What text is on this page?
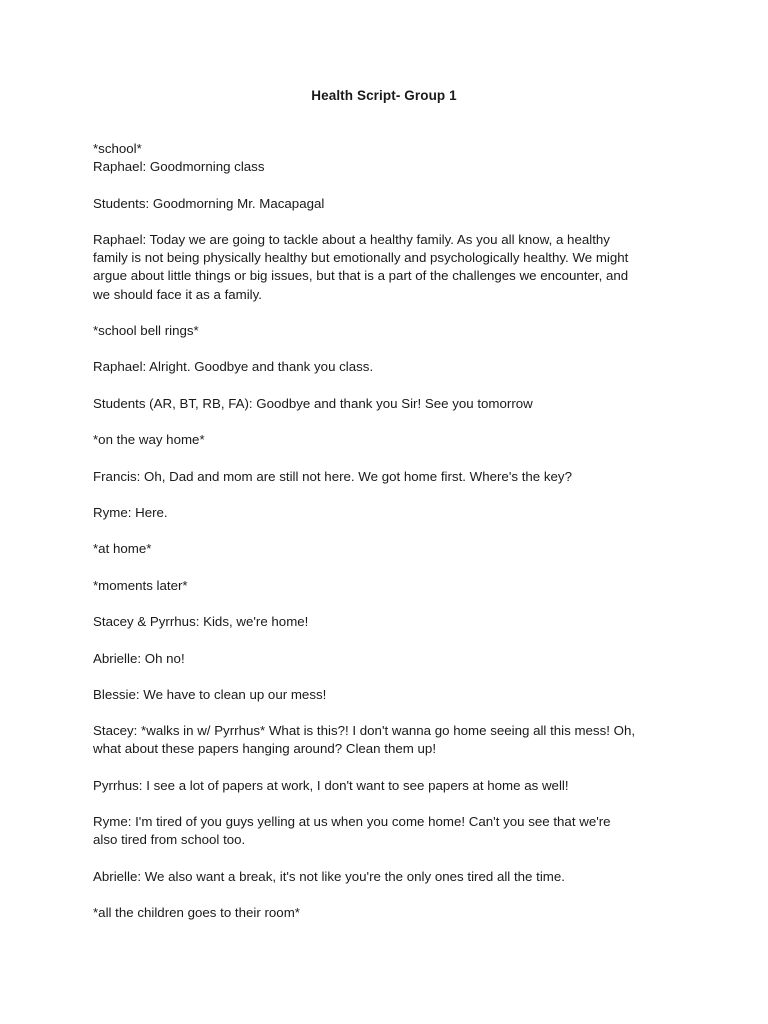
Health Script- Group 1
*school*
Raphael: Goodmorning class
Students: Goodmorning Mr. Macapagal
Raphael: Today we are going to tackle about a healthy family. As you all know, a healthy
family is not being physically healthy but emotionally and psychologically healthy. We might
argue about little things or big issues, but that is a part of the challenges we encounter, and
we should face it as a family.
*school bell rings*
Raphael: Alright. Goodbye and thank you class.
Students (AR, BT, RB, FA): Goodbye and thank you Sir! See you tomorrow
*on the way home*
Francis: Oh, Dad and mom are still not here. We got home first. Where's the key?
Ryme: Here.
*at home*
*moments later*
Stacey & Pyrrhus: Kids, we're home!
Abrielle: Oh no!
Blessie: We have to clean up our mess!
Stacey: *walks in w/ Pyrrhus* What is this?! I don't wanna go home seeing all this mess! Oh,
what about these papers hanging around? Clean them up!
Pyrrhus: I see a lot of papers at work, I don't want to see papers at home as well!
Ryme: I'm tired of you guys yelling at us when you come home! Can't you see that we're
also tired from school too.
Abrielle: We also want a break, it's not like you're the only ones tired all the time.
*all the children goes to their room*
